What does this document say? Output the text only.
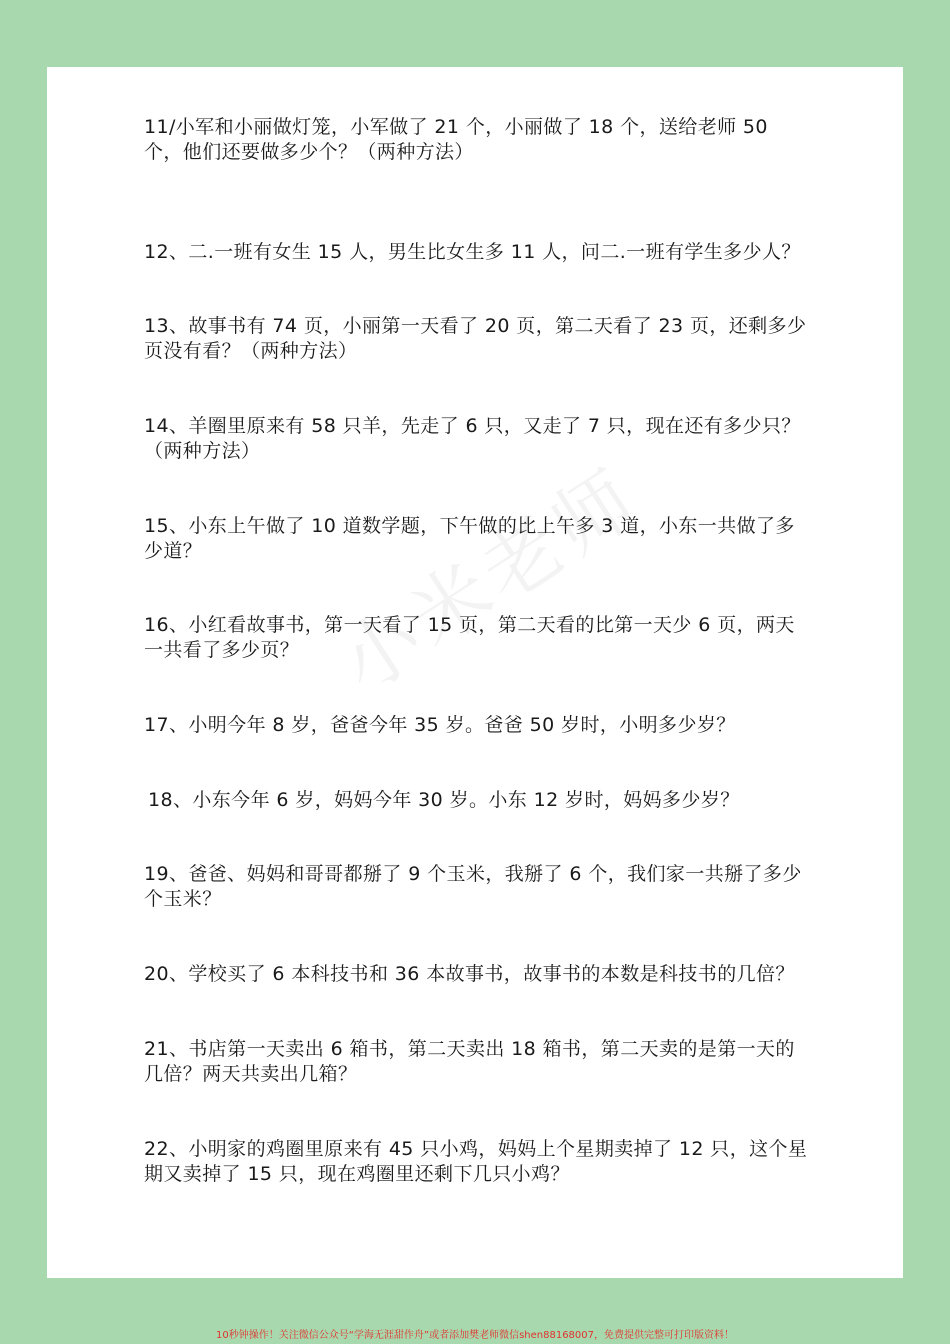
11/小军和小丽做灯笼，小军做了 21 个，小丽做了 18 个，送给老师 50 个，他们还要做多少个？（两种方法）

12、二.一班有女生 15 人，男生比女生多 11 人，问二.一班有学生多少人？

13、故事书有 74 页，小丽第一天看了 20 页，第二天看了 23 页，还剩多少页没有看？（两种方法）

14、羊圈里原来有 58 只羊，先走了 6 只，又走了 7 只，现在还有多少只？（两种方法）

15、小东上午做了 10 道数学题，下午做的比上午多 3 道，小东一共做了多少道？

16、小红看故事书，第一天看了 15 页，第二天看的比第一天少 6 页，两天一共看了多少页？

17、小明今年 8 岁，爸爸今年 35 岁。爸爸 50 岁时，小明多少岁？

18、小东今年 6 岁，妈妈今年 30 岁。小东 12 岁时，妈妈多少岁？

19、爸爸、妈妈和哥哥都掰了 9 个玉米，我掰了 6 个，我们家一共掰了多少个玉米？

20、学校买了 6 本科技书和 36 本故事书，故事书的本数是科技书的几倍？

21、书店第一天卖出 6 箱书，第二天卖出 18 箱书，第二天卖的是第一天的几倍？两天共卖出几箱？

22、小明家的鸡圈里原来有 45 只小鸡，妈妈上个星期卖掉了 12 只，这个星期又卖掉了 15 只，现在鸡圈里还剩下几只小鸡？

10秒钟操作！关注微信公众号“学海无涯甜作舟”或者添加樊老师微信shen88168007，免费提供完整可打印版资料！
